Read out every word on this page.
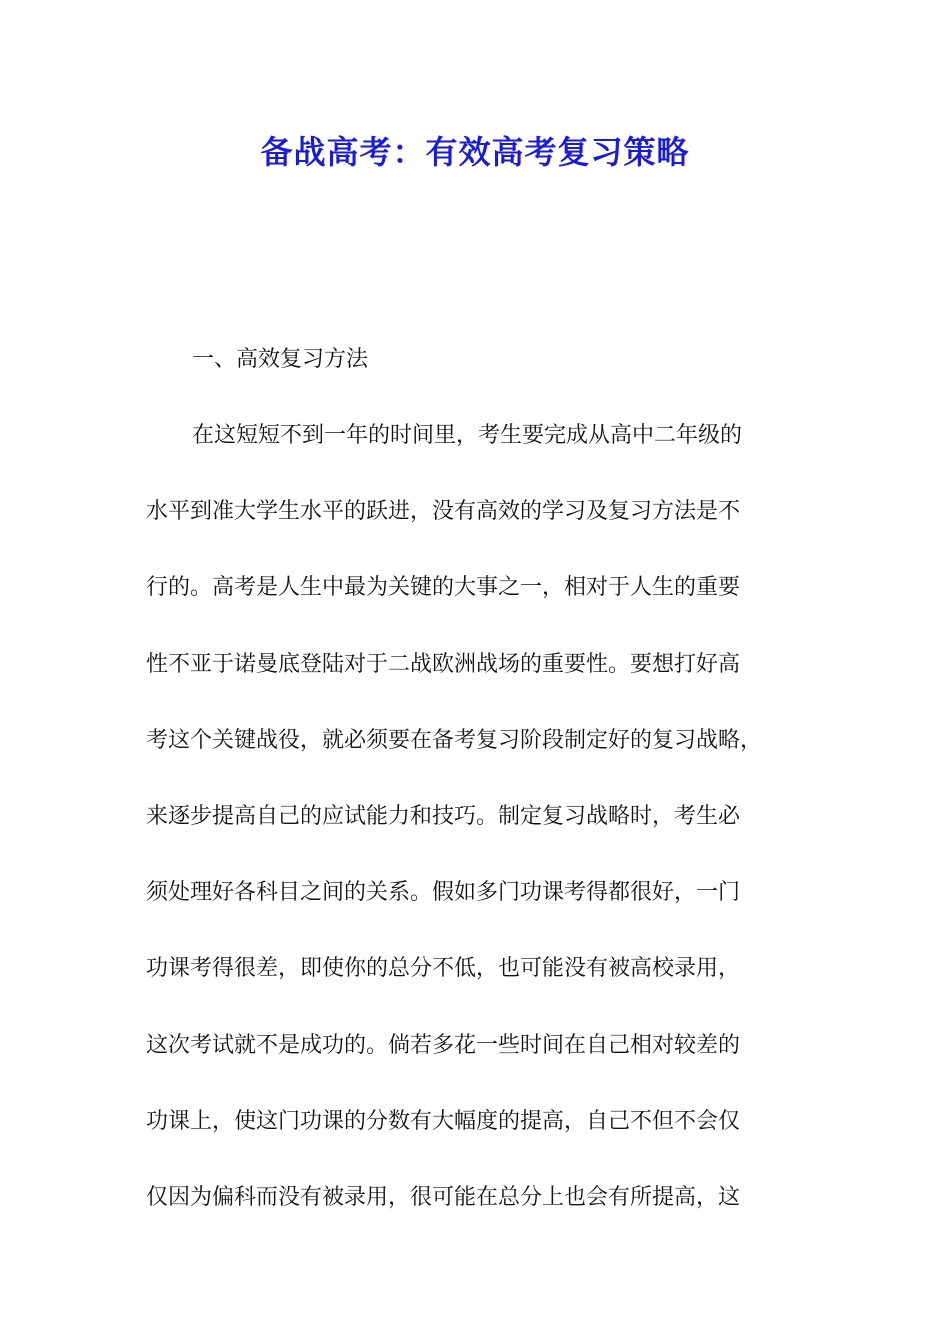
备战高考：有效高考复习策略
一、高效复习方法
在这短短不到一年的时间里，考生要完成从高中二年级的
水平到准大学生水平的跃进，没有高效的学习及复习方法是不
行的。高考是人生中最为关键的大事之一，相对于人生的重要
性不亚于诺曼底登陆对于二战欧洲战场的重要性。要想打好高
考这个关键战役，就必须要在备考复习阶段制定好的复习战略，
来逐步提高自己的应试能力和技巧。制定复习战略时，考生必
须处理好各科目之间的关系。假如多门功课考得都很好，一门
功课考得很差，即使你的总分不低，也可能没有被高校录用，
这次考试就不是成功的。倘若多花一些时间在自己相对较差的
功课上，使这门功课的分数有大幅度的提高，自己不但不会仅
仅因为偏科而没有被录用，很可能在总分上也会有所提高，这
